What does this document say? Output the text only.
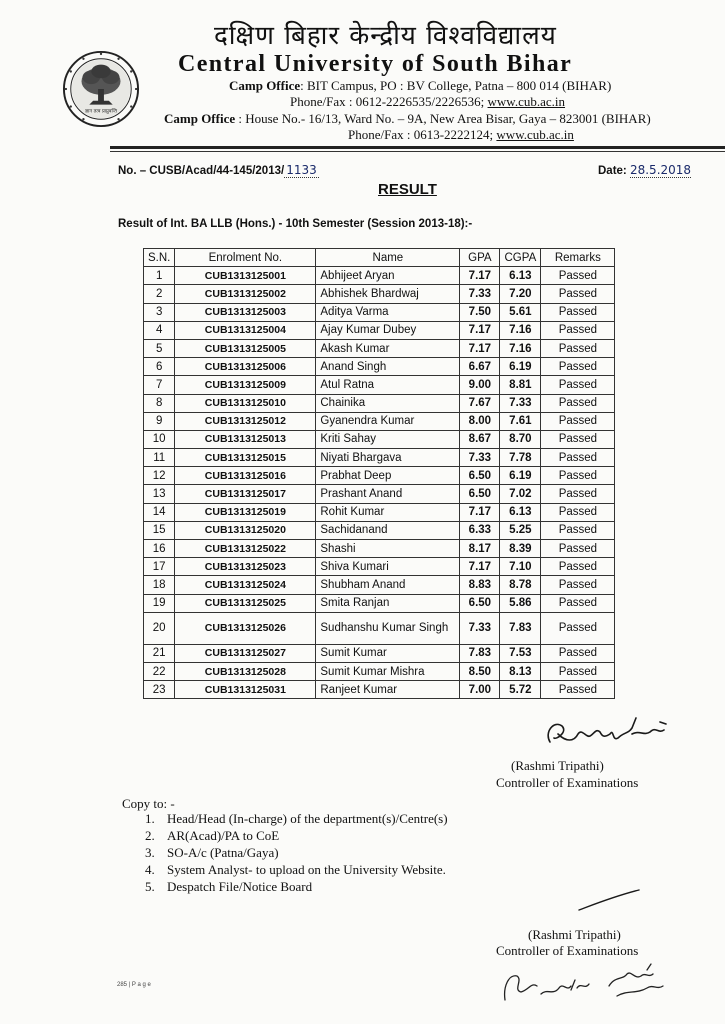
ज्ञान तत्व प्राप्नुवन्ति
दक्षिण बिहार केन्द्रीय विश्वविद्यालय
Central University of South Bihar
Camp Office: BIT Campus, PO : BV College, Patna – 800 014 (BIHAR)
Phone/Fax : 0612-2226535/2226536; www.cub.ac.in
Camp Office : House No.- 16/13, Ward No. – 9A, New Area Bisar, Gaya – 823001 (BIHAR)
Phone/Fax : 0613-2222124; www.cub.ac.in
No. – CUSB/Acad/44-145/2013/ 1133	Date: 28.5.2018
RESULT
Result of Int. BA LLB (Hons.) - 10th Semester (Session 2013-18):-
S.N.	Enrolment No.	Name	GPA	CGPA	Remarks
1	CUB1313125001	Abhijeet Aryan	7.17	6.13	Passed
2	CUB1313125002	Abhishek Bhardwaj	7.33	7.20	Passed
3	CUB1313125003	Aditya Varma	7.50	5.61	Passed
4	CUB1313125004	Ajay Kumar Dubey	7.17	7.16	Passed
5	CUB1313125005	Akash Kumar	7.17	7.16	Passed
6	CUB1313125006	Anand Singh	6.67	6.19	Passed
7	CUB1313125009	Atul Ratna	9.00	8.81	Passed
8	CUB1313125010	Chainika	7.67	7.33	Passed
9	CUB1313125012	Gyanendra Kumar	8.00	7.61	Passed
10	CUB1313125013	Kriti Sahay	8.67	8.70	Passed
11	CUB1313125015	Niyati Bhargava	7.33	7.78	Passed
12	CUB1313125016	Prabhat Deep	6.50	6.19	Passed
13	CUB1313125017	Prashant Anand	6.50	7.02	Passed
14	CUB1313125019	Rohit Kumar	7.17	6.13	Passed
15	CUB1313125020	Sachidanand	6.33	5.25	Passed
16	CUB1313125022	Shashi	8.17	8.39	Passed
17	CUB1313125023	Shiva Kumari	7.17	7.10	Passed
18	CUB1313125024	Shubham Anand	8.83	8.78	Passed
19	CUB1313125025	Smita Ranjan	6.50	5.86	Passed
20	CUB1313125026	Sudhanshu Kumar Singh	7.33	7.83	Passed
21	CUB1313125027	Sumit Kumar	7.83	7.53	Passed
22	CUB1313125028	Sumit Kumar Mishra	8.50	8.13	Passed
23	CUB1313125031	Ranjeet Kumar	7.00	5.72	Passed
(Rashmi Tripathi)
Controller of Examinations
Copy to: -
1. Head/Head (In-charge) of the department(s)/Centre(s)
2. AR(Acad)/PA to CoE
3. SO-A/c (Patna/Gaya)
4. System Analyst- to upload on the University Website.
5. Despatch File/Notice Board
(Rashmi Tripathi)
Controller of Examinations
285 | P a g e
